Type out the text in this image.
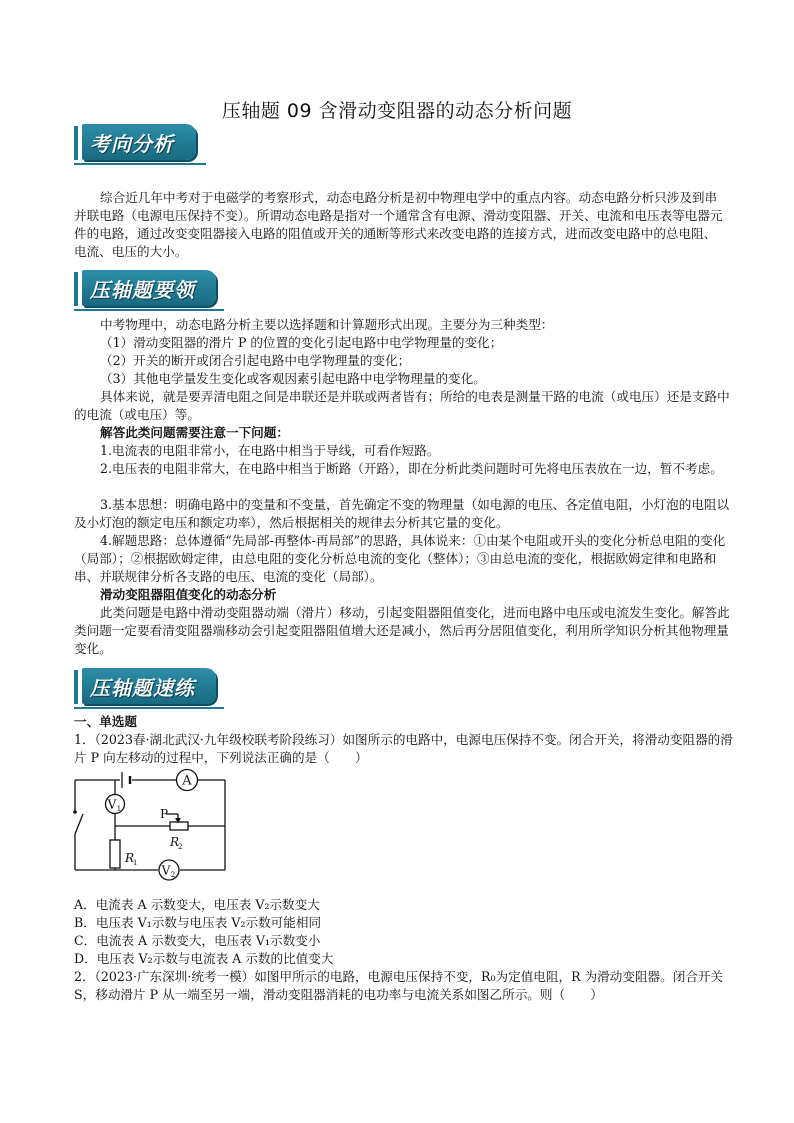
压轴题 09 含滑动变阻器的动态分析问题
考向分析
综合近几年中考对于电磁学的考察形式，动态电路分析是初中物理电学中的重点内容。动态电路分析只涉及到串并联电路（电源电压保持不变）。所谓动态电路是指对一个通常含有电源、滑动变阻器、开关、电流和电压表等电器元件的电路，通过改变变阻器接入电路的阻值或开关的通断等形式来改变电路的连接方式，进而改变电路中的总电阻、电流、电压的大小。
压轴题要领
中考物理中，动态电路分析主要以选择题和计算题形式出现。主要分为三种类型：
（1）滑动变阻器的滑片 P 的位置的变化引起电路中电学物理量的变化；
（2）开关的断开或闭合引起电路中电学物理量的变化；
（3）其他电学量发生变化或客观因素引起电路中电学物理量的变化。
具体来说，就是要弄清电阻之间是串联还是并联或两者皆有；所给的电表是测量干路的电流（或电压）还是支路中的电流（或电压）等。
解答此类问题需要注意一下问题：
1.电流表的电阻非常小，在电路中相当于导线，可看作短路。
2.电压表的电阻非常大，在电路中相当于断路（开路），即在分析此类问题时可先将电压表放在一边，暂不考虑。
3.基本思想：明确电路中的变量和不变量，首先确定不变的物理量（如电源的电压、各定值电阻，小灯泡的电阻以及小灯泡的额定电压和额定功率），然后根据相关的规律去分析其它量的变化。
4.解题思路：总体遵循“先局部-再整体-再局部”的思路，具体说来：①由某个电阻或开头的变化分析总电阻的变化（局部）；②根据欧姆定律，由总电阻的变化分析总电流的变化（整体）；③由总电流的变化，根据欧姆定律和电路和串、并联规律分析各支路的电压、电流的变化（局部）。
滑动变阻器阻值变化的动态分析
此类问题是电路中滑动变阻器动端（滑片）移动，引起变阻器阻值变化，进而电路中电压或电流发生变化。解答此类问题一定要看清变阻器端移动会引起变阻器阻值增大还是减小，然后再分居阻值变化，利用所学知识分析其他物理量变化。
压轴题速练
一、单选题
1．（2023春·湖北武汉·九年级校联考阶段练习）如图所示的电路中，电源电压保持不变。闭合开关，将滑动变阻器的滑片 P 向左移动的过程中，下列说法正确的是（　　）
A
V 1
R
1
P
R
2
V 2
A．电流表 A 示数变大，电压表 V₂示数变大
B．电压表 V₁示数与电压表 V₂示数可能相同
C．电流表 A 示数变大，电压表 V₁示数变小
D．电压表 V₂示数与电流表 A 示数的比值变大
2．（2023·广东深圳·统考一模）如图甲所示的电路，电源电压保持不变，R₀为定值电阻，R 为滑动变阻器。闭合开关 S，移动滑片 P 从一端至另一端，滑动变阻器消耗的电功率与电流关系如图乙所示。则（　　）
